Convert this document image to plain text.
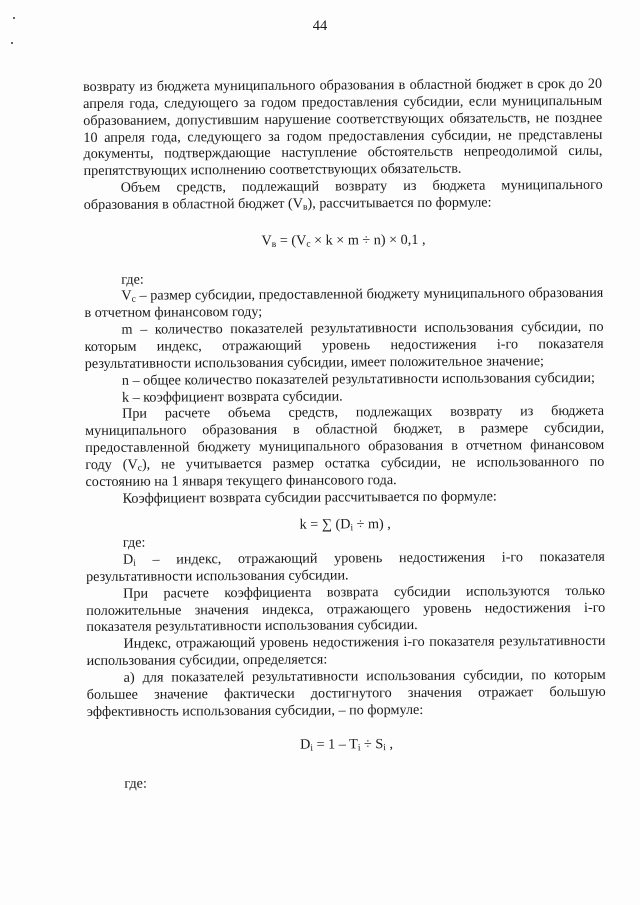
44

возврату из бюджета муниципального образования в областной бюджет в срок до 20 апреля года, следующего за годом предоставления субсидии, если муниципальным образованием, допустившим нарушение соответствующих обязательств, не позднее 10 апреля года, следующего за годом предоставления субсидии, не представлены документы, подтверждающие наступление обстоятельств непреодолимой силы, препятствующих исполнению соответствующих обязательств.

Объем средств, подлежащий возврату из бюджета муниципального образования в областной бюджет $(V_в)$, рассчитывается по формуле:

$V_в = (V_с \times k \times m \div n) \times 0,1$ ,

где:

$V_с$ – размер субсидии, предоставленной бюджету муниципального образования в отчетном финансовом году;

m – количество показателей результативности использования субсидии, по которым индекс, отражающий уровень недостижения i-го показателя результативности использования субсидии, имеет положительное значение;

n – общее количество показателей результативности использования субсидии;

k – коэффициент возврата субсидии.

При расчете объема средств, подлежащих возврату из бюджета муниципального образования в областной бюджет, в размере субсидии, предоставленной бюджету муниципального образования в отчетном финансовом году $(V_с)$, не учитывается размер остатка субсидии, не использованного по состоянию на 1 января текущего финансового года.

Коэффициент возврата субсидии рассчитывается по формуле:

k = ∑ $(D_i \div m)$ ,

где:

$D_i$ – индекс, отражающий уровень недостижения i-го показателя результативности использования субсидии.

При расчете коэффициента возврата субсидии используются только положительные значения индекса, отражающего уровень недостижения i-го показателя результативности использования субсидии.

Индекс, отражающий уровень недостижения i-го показателя результативности использования субсидии, определяется:

а) для показателей результативности использования субсидии, по которым большее значение фактически достигнутого значения отражает большую эффективность использования субсидии, – по формуле:

$D_i = 1 - T_i \div S_i$ ,

где:
